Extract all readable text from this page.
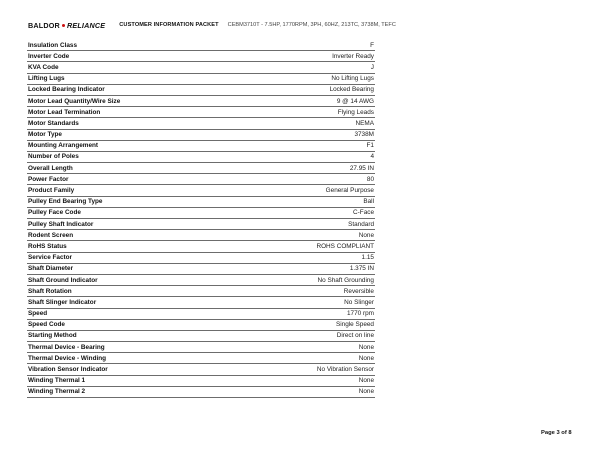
BALDOR RELIANCE	CUSTOMER INFORMATION PACKET CEBM3710T - 7.5HP, 1770RPM, 3PH, 60HZ, 213TC, 3738M, TEFC
Insulation Class	F
Inverter Code	Inverter Ready
KVA Code	J
Lifting Lugs	No Lifting Lugs
Locked Bearing Indicator	Locked Bearing
Motor Lead Quantity/Wire Size	9 @ 14 AWG
Motor Lead Termination	Flying Leads
Motor Standards	NEMA
Motor Type	3738M
Mounting Arrangement	F1
Number of Poles	4
Overall Length	27.95 IN
Power Factor	80
Product Family	General Purpose
Pulley End Bearing Type	Ball
Pulley Face Code	C-Face
Pulley Shaft Indicator	Standard
Rodent Screen	None
RoHS Status	ROHS COMPLIANT
Service Factor	1.15
Shaft Diameter	1.375 IN
Shaft Ground Indicator	No Shaft Grounding
Shaft Rotation	Reversible
Shaft Slinger Indicator	No Slinger
Speed	1770 rpm
Speed Code	Single Speed
Starting Method	Direct on line
Thermal Device - Bearing	None
Thermal Device - Winding	None
Vibration Sensor Indicator	No Vibration Sensor
Winding Thermal 1	None
Winding Thermal 2	None
Page 3 of 8
